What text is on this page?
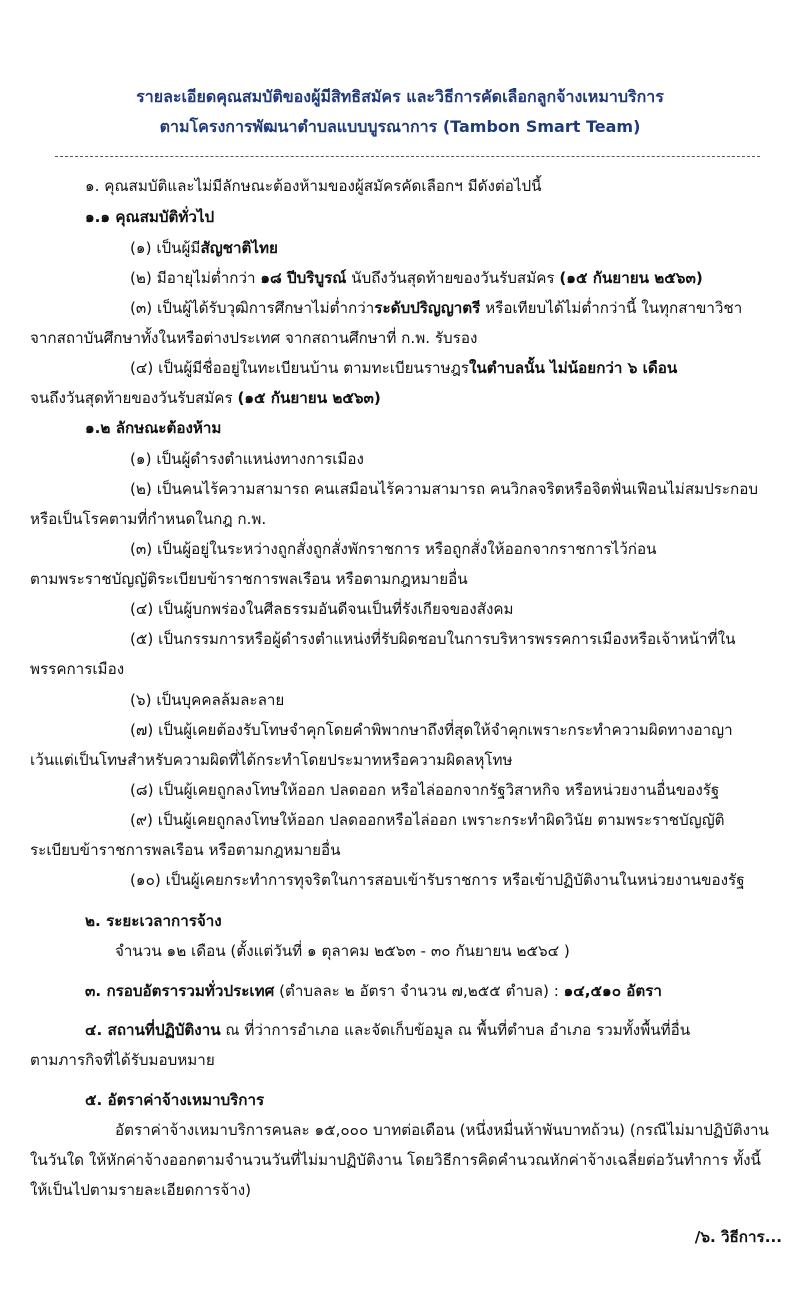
รายละเอียดคุณสมบัติของผู้มีสิทธิสมัคร และวิธีการคัดเลือกลูกจ้างเหมาบริการ
ตามโครงการพัฒนาตำบลแบบบูรณาการ (Tambon Smart Team)
๑. คุณสมบัติและไม่มีลักษณะต้องห้ามของผู้สมัครคัดเลือกฯ มีดังต่อไปนี้
๑.๑ คุณสมบัติทั่วไป
(๑) เป็นผู้มีสัญชาติไทย
(๒) มีอายุไม่ต่ำกว่า ๑๘ ปีบริบูรณ์ นับถึงวันสุดท้ายของวันรับสมัคร (๑๕ กันยายน ๒๕๖๓)
(๓) เป็นผู้ได้รับวุฒิการศึกษาไม่ต่ำกว่าระดับปริญญาตรี หรือเทียบได้ไม่ต่ำกว่านี้ ในทุกสาขาวิชา
จากสถาบันศึกษาทั้งในหรือต่างประเทศ จากสถานศึกษาที่ ก.พ. รับรอง
(๔) เป็นผู้มีชื่ออยู่ในทะเบียนบ้าน ตามทะเบียนราษฎรในตำบลนั้น ไม่น้อยกว่า ๖ เดือน
จนถึงวันสุดท้ายของวันรับสมัคร (๑๕ กันยายน ๒๕๖๓)
๑.๒ ลักษณะต้องห้าม
(๑) เป็นผู้ดำรงตำแหน่งทางการเมือง
(๒) เป็นคนไร้ความสามารถ คนเสมือนไร้ความสามารถ คนวิกลจริตหรือจิตฟั่นเฟือนไม่สมประกอบ
หรือเป็นโรคตามที่กำหนดในกฎ ก.พ.
(๓) เป็นผู้อยู่ในระหว่างถูกสั่งถูกสั่งพักราชการ หรือถูกสั่งให้ออกจากราชการไว้ก่อน
ตามพระราชบัญญัติระเบียบข้าราชการพลเรือน หรือตามกฎหมายอื่น
(๔) เป็นผู้บกพร่องในศีลธรรมอันดีจนเป็นที่รังเกียจของสังคม
(๕) เป็นกรรมการหรือผู้ดำรงตำแหน่งที่รับผิดชอบในการบริหารพรรคการเมืองหรือเจ้าหน้าที่ใน
พรรคการเมือง
(๖) เป็นบุคคลล้มละลาย
(๗) เป็นผู้เคยต้องรับโทษจำคุกโดยคำพิพากษาถึงที่สุดให้จำคุกเพราะกระทำความผิดทางอาญา
เว้นแต่เป็นโทษสำหรับความผิดที่ได้กระทำโดยประมาทหรือความผิดลหุโทษ
(๘) เป็นผู้เคยถูกลงโทษให้ออก ปลดออก หรือไล่ออกจากรัฐวิสาหกิจ หรือหน่วยงานอื่นของรัฐ
(๙) เป็นผู้เคยถูกลงโทษให้ออก ปลดออกหรือไล่ออก เพราะกระทำผิดวินัย ตามพระราชบัญญัติ
ระเบียบข้าราชการพลเรือน หรือตามกฎหมายอื่น
(๑๐) เป็นผู้เคยกระทำการทุจริตในการสอบเข้ารับราชการ หรือเข้าปฏิบัติงานในหน่วยงานของรัฐ
๒. ระยะเวลาการจ้าง
จำนวน ๑๒ เดือน (ตั้งแต่วันที่ ๑ ตุลาคม ๒๕๖๓ - ๓๐ กันยายน ๒๕๖๔ )
๓. กรอบอัตรารวมทั่วประเทศ (ตำบลละ ๒ อัตรา จำนวน ๗,๒๕๕ ตำบล) : ๑๔,๕๑๐ อัตรา
๔. สถานที่ปฏิบัติงาน ณ ที่ว่าการอำเภอ และจัดเก็บข้อมูล ณ พื้นที่ตำบล อำเภอ รวมทั้งพื้นที่อื่น
ตามภารกิจที่ได้รับมอบหมาย
๕. อัตราค่าจ้างเหมาบริการ
อัตราค่าจ้างเหมาบริการคนละ ๑๕,๐๐๐ บาทต่อเดือน (หนึ่งหมื่นห้าพันบาทถ้วน) (กรณีไม่มาปฏิบัติงาน
ในวันใด ให้หักค่าจ้างออกตามจำนวนวันที่ไม่มาปฏิบัติงาน โดยวิธีการคิดคำนวณหักค่าจ้างเฉลี่ยต่อวันทำการ ทั้งนี้
ให้เป็นไปตามรายละเอียดการจ้าง)
/๖. วิธีการ...
